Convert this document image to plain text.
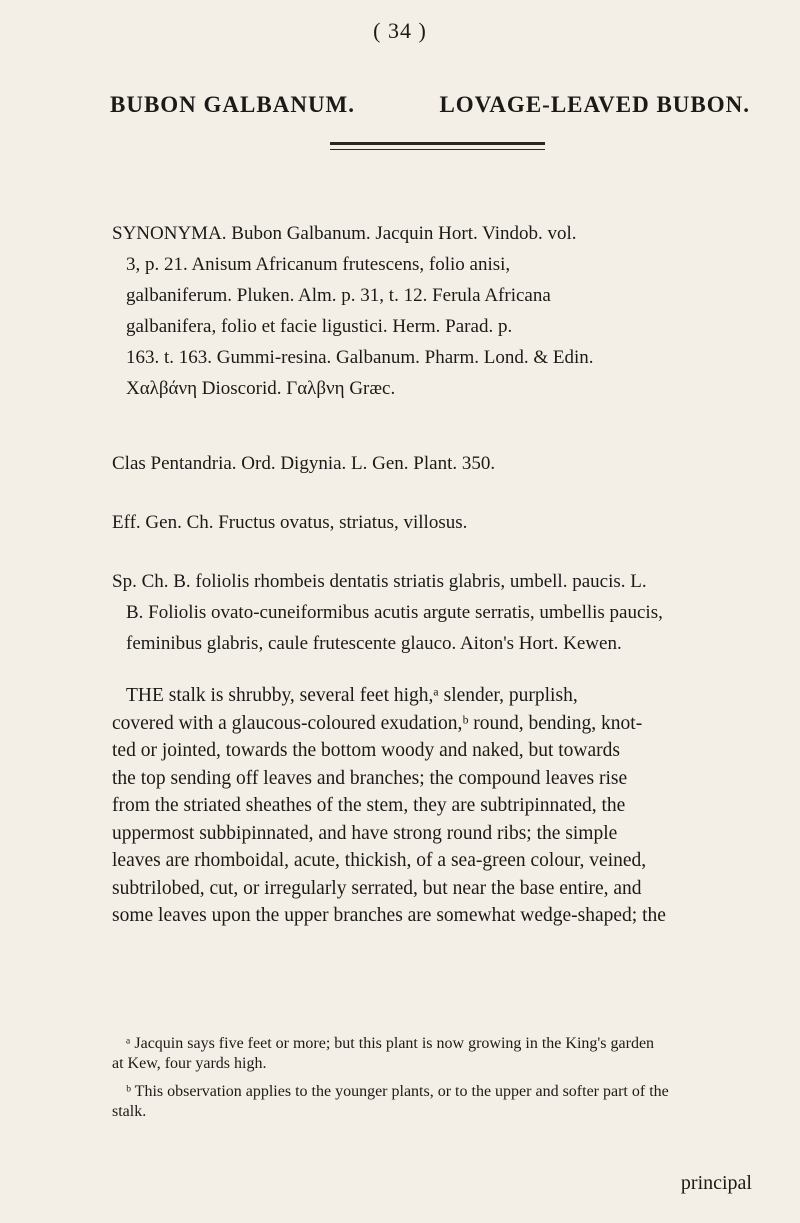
( 34 )
BUBON GALBANUM.	LOVAGE-LEAVED BUBON.
SYNONYMA. Bubon Galbanum. Jacquin Hort. Vindob. vol.
3, p. 21. Anisum Africanum frutescens, folio anisi,
galbaniferum. Pluken. Alm. p. 31, t. 12. Ferula Africana
galbanifera, folio et facie ligustici. Herm. Parad. p.
163. t. 163. Gummi-resina. Galbanum. Pharm. Lond. & Edin.
Χαλβάνη Dioscorid. Γαλβνη Græc.
Clas Pentandria. Ord. Digynia. L. Gen. Plant. 350.
Eff. Gen. Ch. Fructus ovatus, striatus, villosus.
Sp. Ch. B. foliolis rhombeis dentatis striatis glabris, umbell. paucis. L.
B. Foliolis ovato-cuneiformibus acutis argute serratis, umbellis paucis,
feminibus glabris, caule frutescente glauco. Aiton's Hort. Kewen.
THE stalk is shrubby, several feet high,ᵃ slender, purplish,
covered with a glaucous-coloured exudation,ᵇ round, bending, knot-
ted or jointed, towards the bottom woody and naked, but towards
the top sending off leaves and branches; the compound leaves rise
from the striated sheathes of the stem, they are subtripinnated, the
uppermost subbipinnated, and have strong round ribs; the simple
leaves are rhomboidal, acute, thickish, of a sea-green colour, veined,
subtrilobed, cut, or irregularly serrated, but near the base entire, and
some leaves upon the upper branches are somewhat wedge-shaped; the
ᵃ Jacquin says five feet or more; but this plant is now growing in the King's garden
at Kew, four yards high.
ᵇ This observation applies to the younger plants, or to the upper and softer part of the
stalk.
principal
